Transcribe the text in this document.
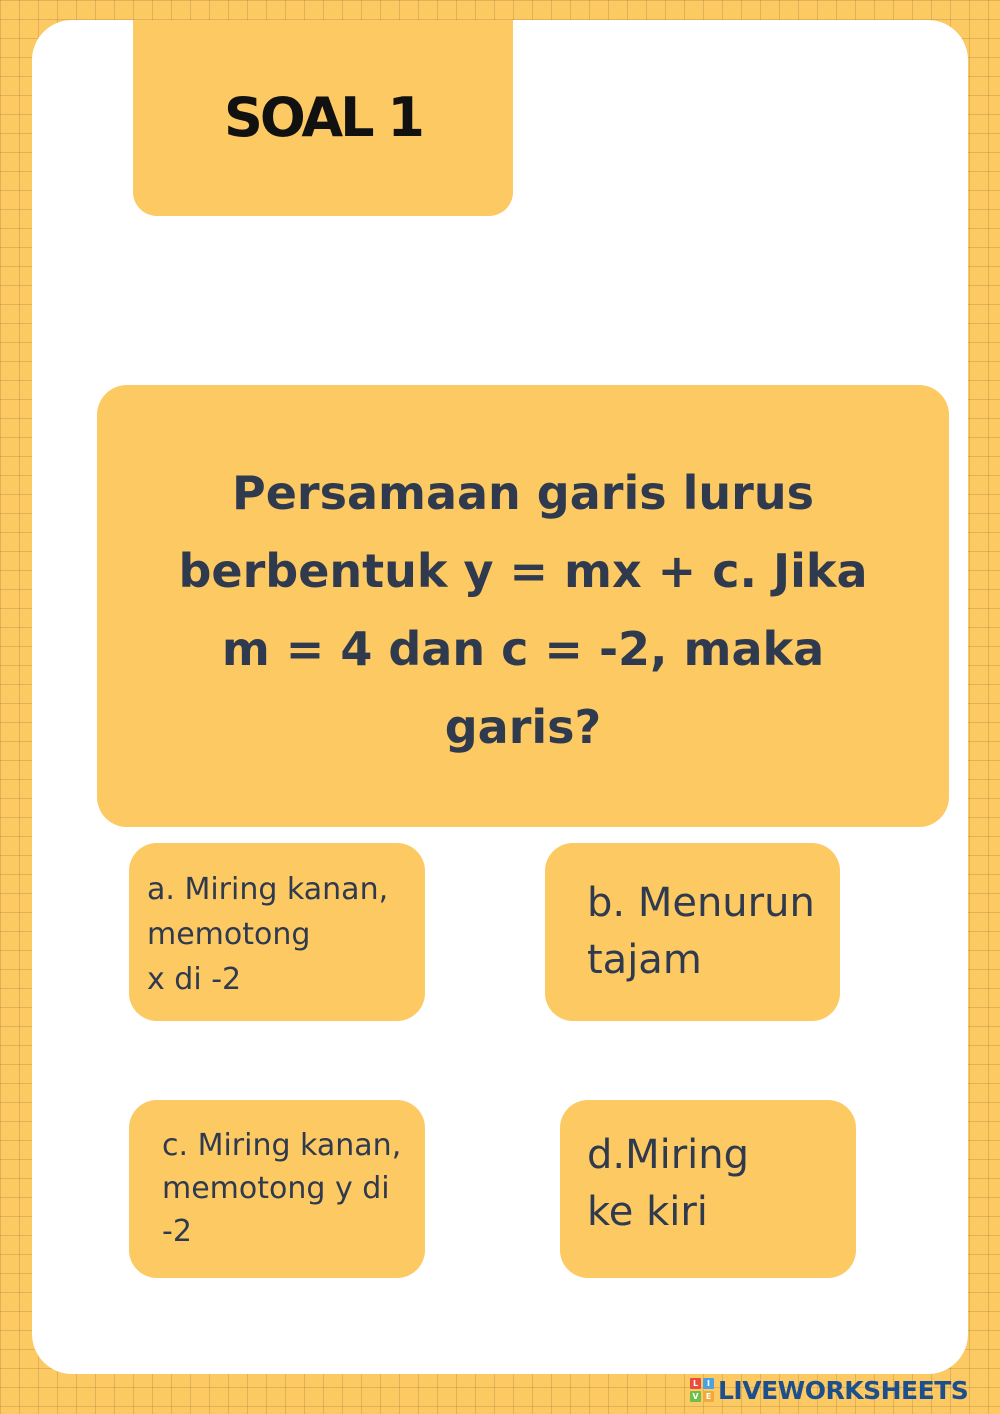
SOAL 1
Persamaan garis lurus berbentuk y = mx + c. Jika m = 4 dan c = -2, maka garis?
a. Miring kanan,
memotong
x di -2
b. Menurun
tajam
c. Miring kanan,
memotong y di
-2
d.Miring
ke kiri
L	I
V E LIVEWORKSHEETS
